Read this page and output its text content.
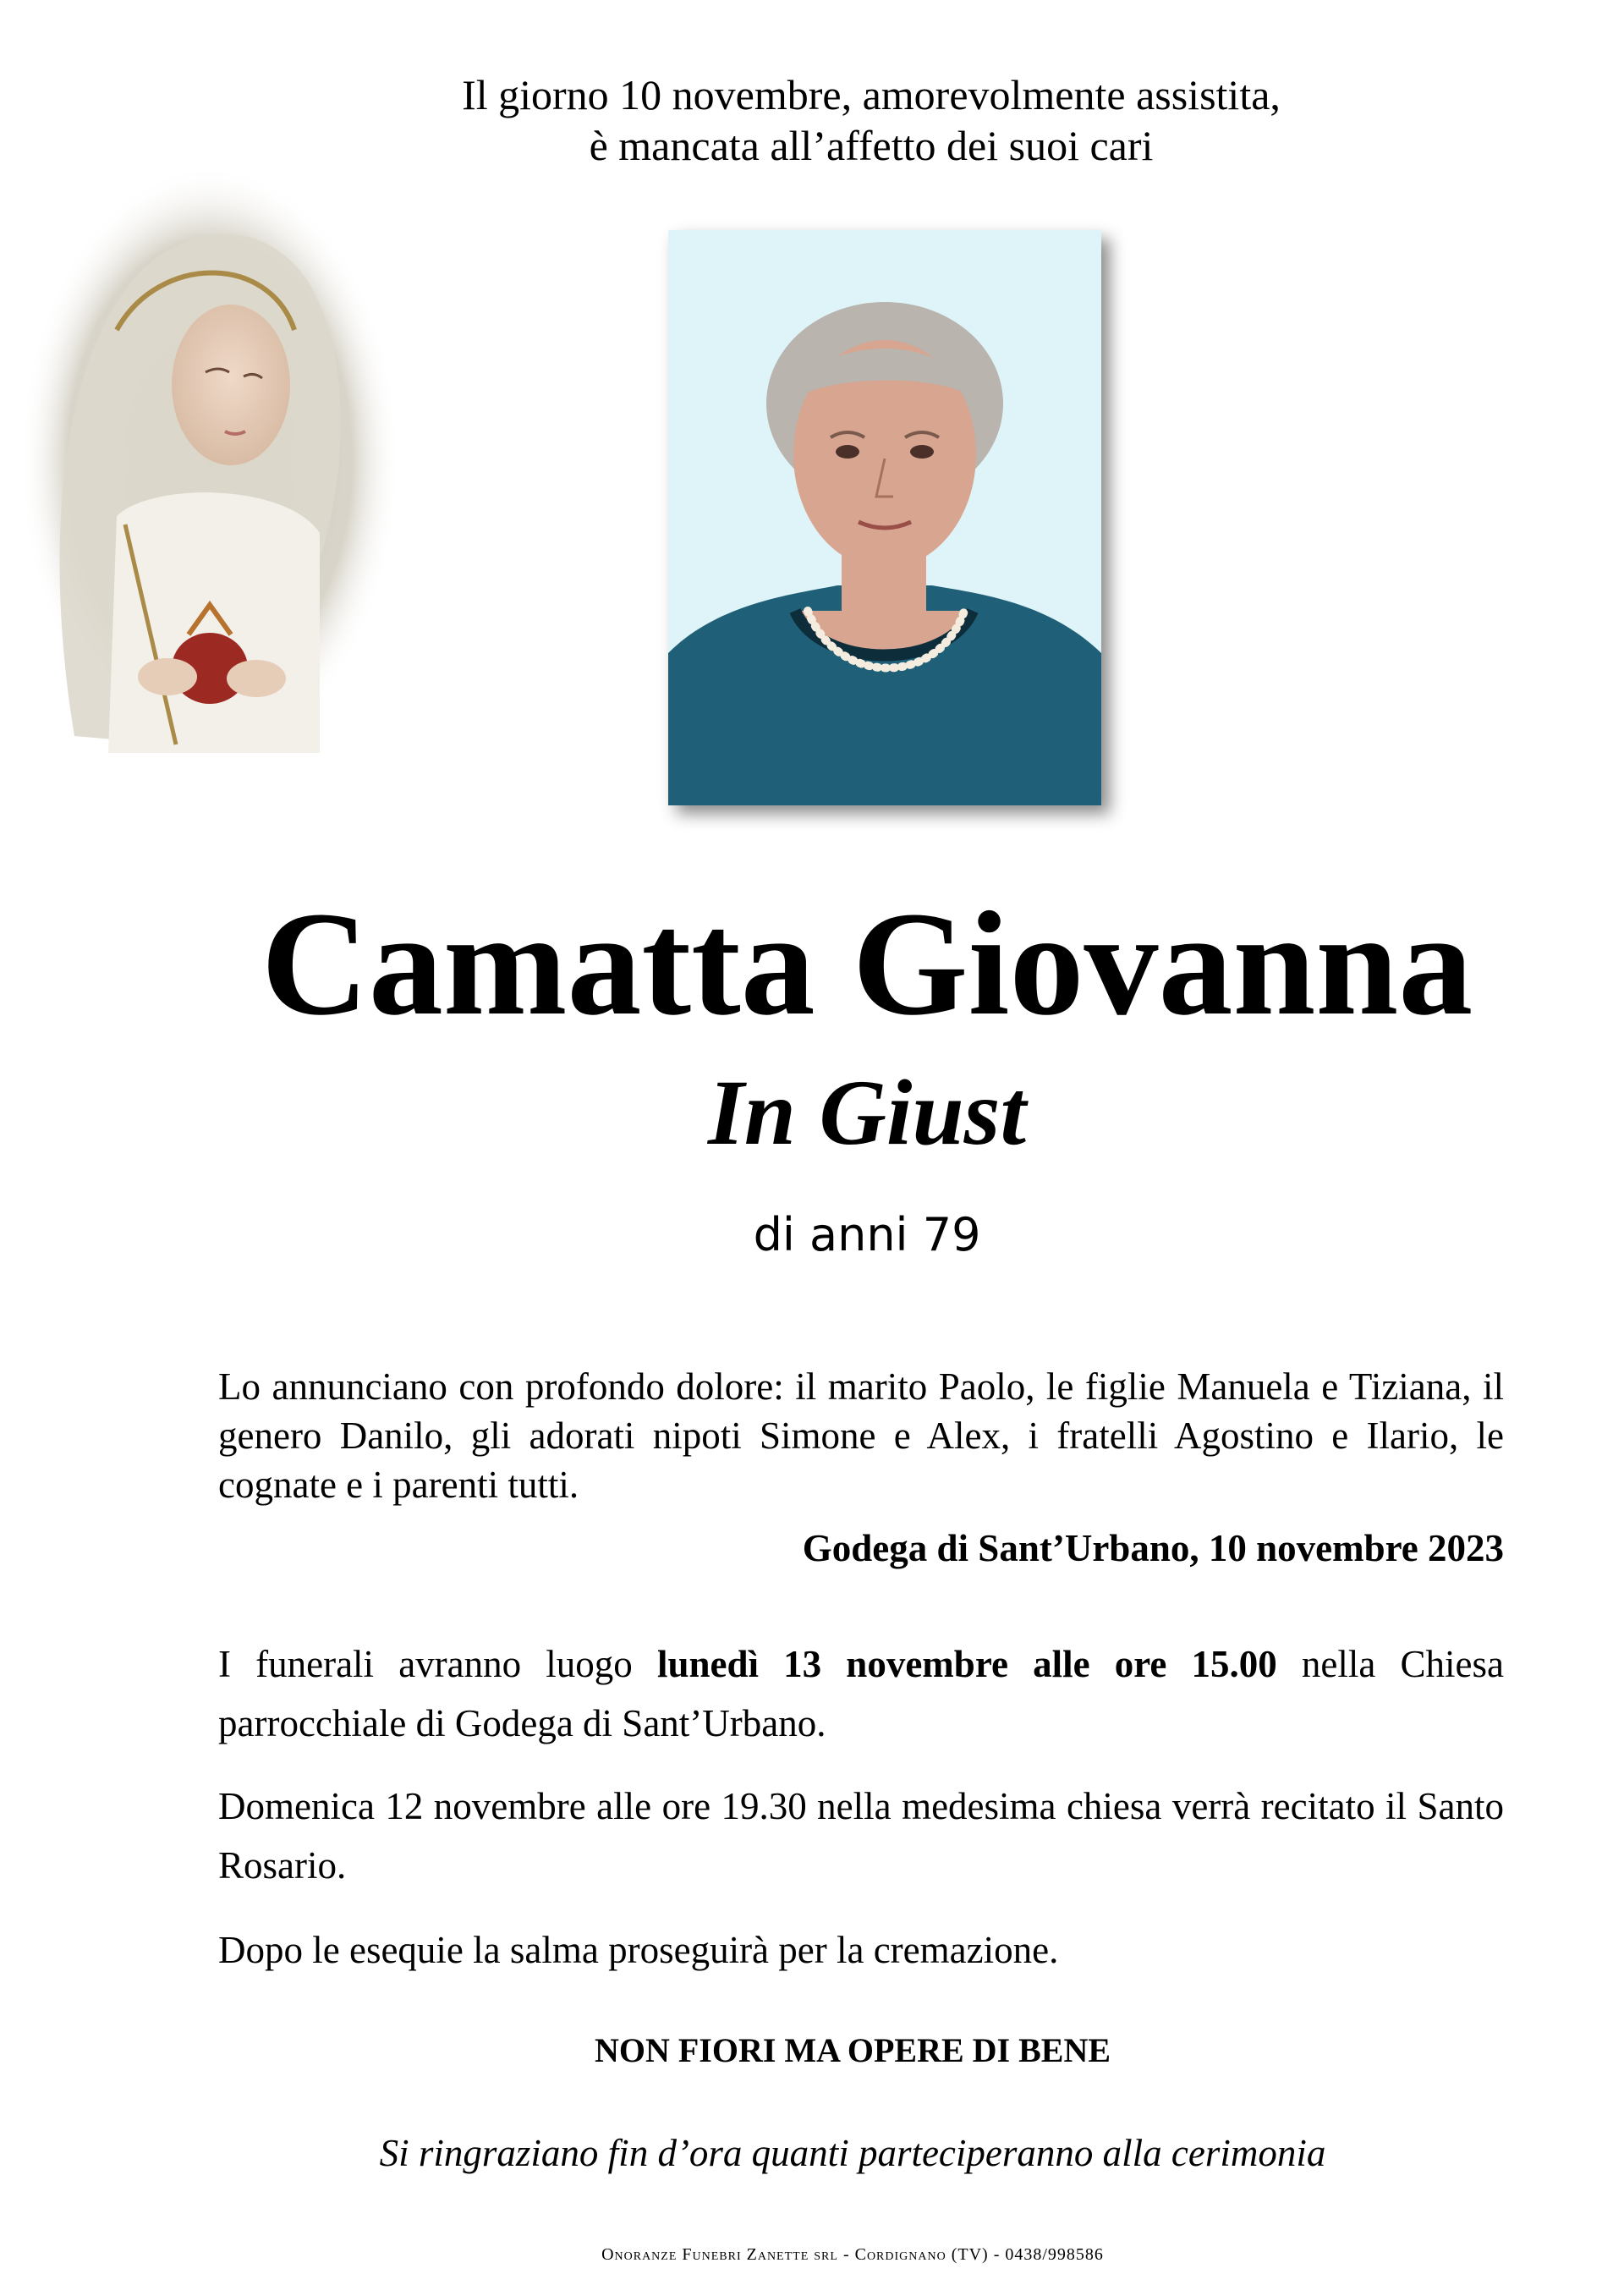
Il giorno 10 novembre, amorevolmente assistita,
è mancata all’affetto dei suoi cari
Camatta Giovanna
In Giust
di anni 79
Lo annunciano con profondo dolore: il marito Paolo, le figlie Manuela e Tiziana, il genero Danilo, gli adorati nipoti Simone e Alex, i fratelli Agostino e Ilario, le cognate e i parenti tutti.
Godega di Sant’Urbano, 10 novembre 2023
I funerali avranno luogo lunedì 13 novembre alle ore 15.00 nella Chiesa parrocchiale di Godega di Sant’Urbano.
Domenica 12 novembre alle ore 19.30 nella medesima chiesa verrà recitato il Santo Rosario.
Dopo le esequie la salma proseguirà per la cremazione.
NON FIORI MA OPERE DI BENE
Si ringraziano fin d’ora quanti parteciperanno alla cerimonia
Onoranze Funebri Zanette srl - Cordignano (TV) - 0438/998586
